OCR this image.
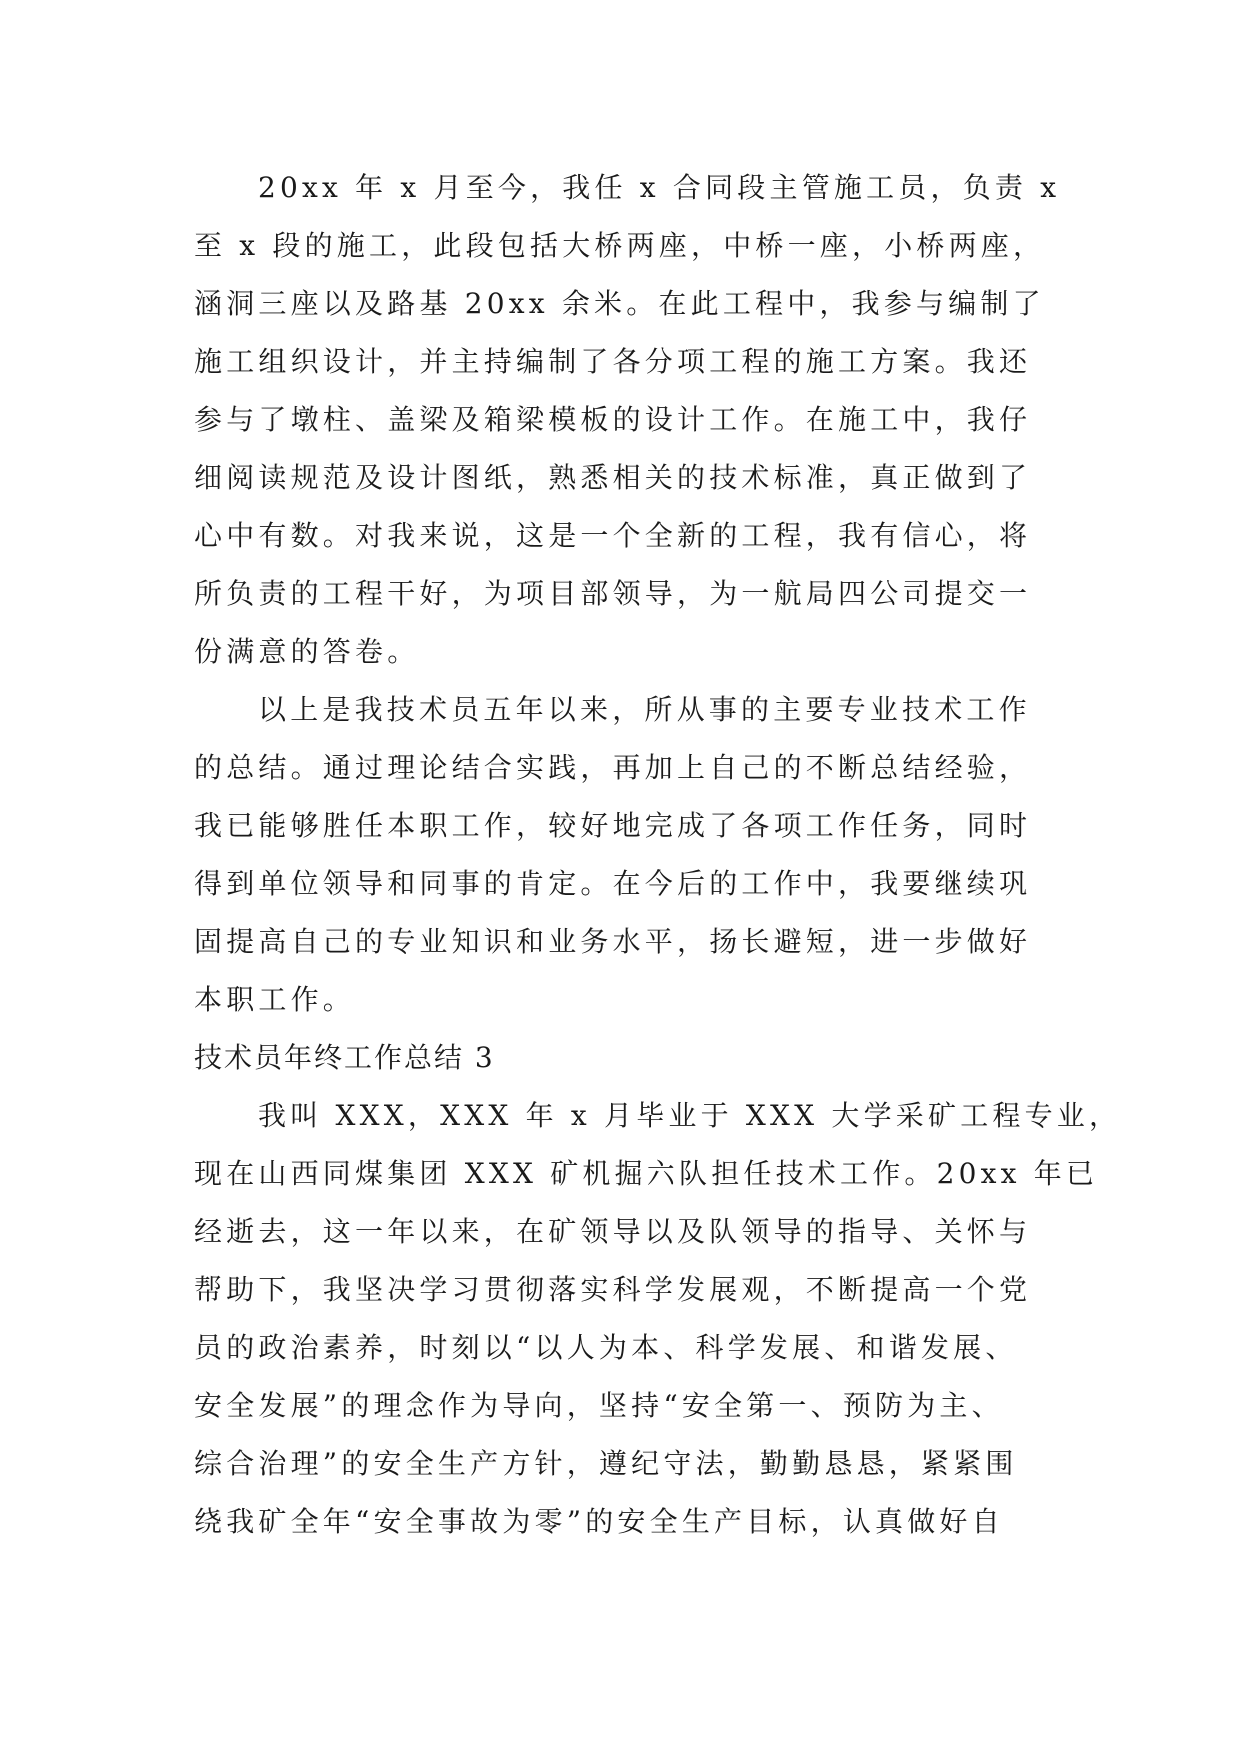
20xx 年 x 月至今，我任 x 合同段主管施工员，负责 x
至 x 段的施工，此段包括大桥两座，中桥一座，小桥两座，
涵洞三座以及路基 20xx 余米。在此工程中，我参与编制了
施工组织设计，并主持编制了各分项工程的施工方案。我还
参与了墩柱、盖梁及箱梁模板的设计工作。在施工中，我仔
细阅读规范及设计图纸，熟悉相关的技术标准，真正做到了
心中有数。对我来说，这是一个全新的工程，我有信心，将
所负责的工程干好，为项目部领导，为一航局四公司提交一
份满意的答卷。
以上是我技术员五年以来，所从事的主要专业技术工作
的总结。通过理论结合实践，再加上自己的不断总结经验，
我已能够胜任本职工作，较好地完成了各项工作任务，同时
得到单位领导和同事的肯定。在今后的工作中，我要继续巩
固提高自己的专业知识和业务水平，扬长避短，进一步做好
本职工作。
技术员年终工作总结 3
我叫 XXX，XXX 年 x 月毕业于 XXX 大学采矿工程专业，
现在山西同煤集团 XXX 矿机掘六队担任技术工作。20xx 年已
经逝去，这一年以来，在矿领导以及队领导的指导、关怀与
帮助下，我坚决学习贯彻落实科学发展观，不断提高一个党
员的政治素养，时刻以“以人为本、科学发展、和谐发展、
安全发展”的理念作为导向，坚持“安全第一、预防为主、
综合治理”的安全生产方针，遵纪守法，勤勤恳恳，紧紧围
绕我矿全年“安全事故为零”的安全生产目标，认真做好自
